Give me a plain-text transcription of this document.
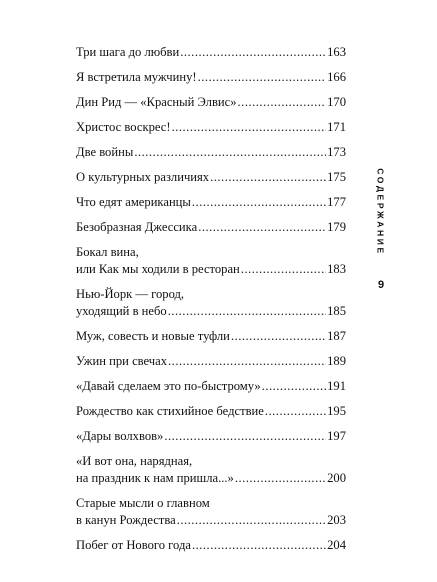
Три шага до любви .....	163
Я встретила мужчину! .....	166
Дин Рид — «Красный Элвис» .....	170
Христос воскрес! .....	171
Две войны .....	173
О культурных различиях .....	175
Что едят американцы .....	177
Безобразная Джессика .....	179
Бокал вина,
или Как мы ходили в ресторан .....	183
Нью-Йорк — город,
уходящий в небо .....	185
Муж, совесть и новые туфли .....	187
Ужин при свечах .....	189
«Давай сделаем это по-быстрому» .....	191
Рождество как стихийное бедствие .....	195
«Дары волхвов» .....	197
«И вот она, нарядная,
на праздник к нам пришла...» .....	200
Старые мысли о главном
в канун Рождества .....	203
Побег от Нового года .....	204
СОДЕРЖАНИЕ
9
